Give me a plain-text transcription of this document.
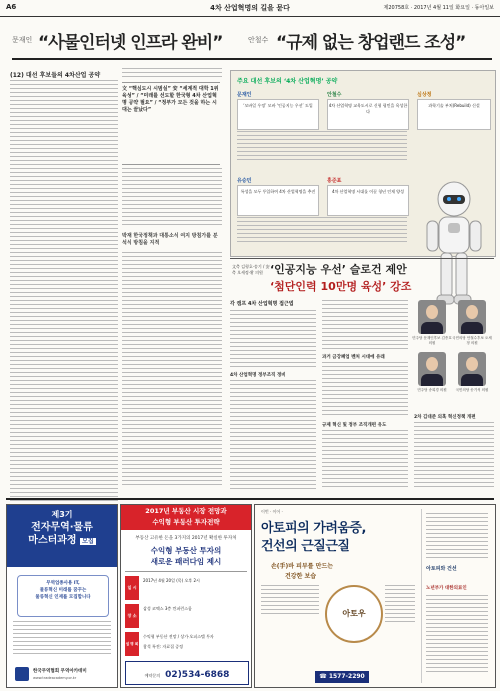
A6	4차 산업혁명의 길을 묻다	제20758호 · 2017년 4월 11일 화요일 · 동아일보
문재인 “사물인터넷 인프라 완비”	안철수 “규제 없는 창업랜드 조성”
(12) 대선 후보들의 4차산업 공약
文 “핵심도시 시범실” 安 “세계적 대학 1위 육성” / “미래를 선도할 한국형 4차 산업혁명 공약 필요” / “정부가 모든 것을 하는 시대는 끝났다”
박재 한국정책과 대통소식 여지 방침가를 분석식 방침을 지적
주요 대선 후보의 ‘4차 산업혁명’ 공약
문재인
‘모바일 우정’ 모바 ‘인공지능 우선’ 도입
안철수
4차 산업혁명 교육도시로 신형 평민을 육성한다
심상정
과학기술 부처(Rebuild) 신설
유승민
특성을 모두 투입하여 4차 산업혁명을 추진
홍준표
4차 산업혁명 시대를 이끌 청년 인재 양성
文측 김형호·송기 / 安측 오세정·황 의원 ‘인공지능 우선’ 슬로건 제안
‘첨단인력 10만명 육성’ 강조
각 캠프 4차 산업혁명 접근법
4차 산업혁명 정부조직 정비
과거 금강폐업 벤처 시대에 유래
규제 혁신 및 정부 조직개편 유도
민주당 문재인후보 김종호 의원
국민의당 안철수후보 오세정 의원
민주당 송희경 의원	국민의당 송기석 의원
2차 김대준 의혹 혁신정책 개편
제3기
전자무역·물류
마스터과정 모집
무역업종사용 IT,
물류혁신 미래를 꿈꾸는
물류혁신 인재를 모집합니다
한국무역협회 무역아카데미
www.tradeacademy.or.kr
2017년 부동산 시장 전망과
수익형 부동산 투자전략
부동산 고유한 돈을 3가지의 2017년 확실한 투자처
수익형 부동산 투자의
새로운 패러다임 제시
일 시
장 소
설 명 회
2017년 4월 20일 (목) 오후 2시
삼성 코엑스 3층 컨퍼런스룸
수익형 부동산 전망 / 상가·오피스텔 투자
참석 특전: 자료집 증정
예약문의 02)534-6868
이번 · 이어 ·
아토피의 가려움증,
건선의 근질근질
손(手)바 피부를 만드는
건강한 보습
아토우
☎ 1577-2290
아토피와 건선
노년부가 대한의료인
